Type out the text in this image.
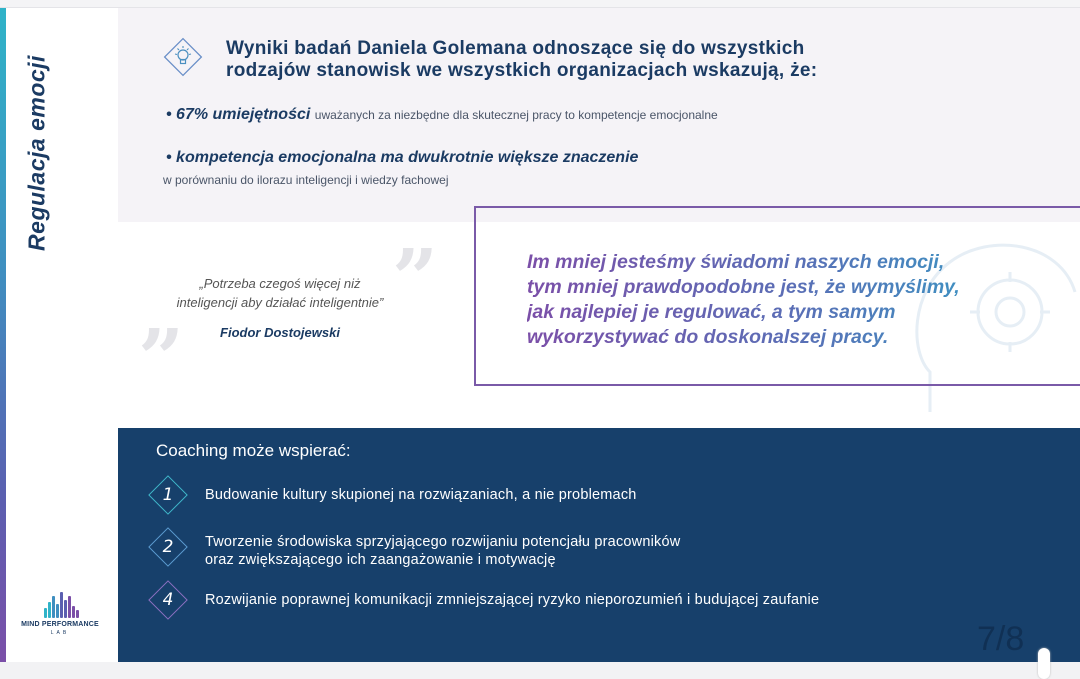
Regulacja emocji
MIND PERFORMANCE
LAB
Wyniki badań Daniela Golemana odnoszące się do wszystkich
rodzajów stanowisk we wszystkich organizacjach wskazują, że:
• 67% umiejętności uważanych za niezbędne dla skutecznej pracy to kompetencje emocjonalne
• kompetencja emocjonalna ma dwukrotnie większe znaczenie
w porównaniu do ilorazu inteligencji i wiedzy fachowej
”
”
„Potrzeba czegoś więcej niż
inteligencji aby działać inteligentnie”
Fiodor Dostojewski
Im mniej jesteśmy świadomi naszych emocji,
tym mniej prawdopodobne jest, że wymyślimy,
jak najlepiej je regulować, a tym samym
wykorzystywać do doskonalszej pracy.
Coaching może wspierać:
1	Budowanie kultury skupionej na rozwiązaniach, a nie problemach
2	Tworzenie środowiska sprzyjającego rozwijaniu potencjału pracowników
oraz zwiększającego ich zaangażowanie i motywację
4	Rozwijanie poprawnej komunikacji zmniejszającej ryzyko nieporozumień i budującej zaufanie
7/8
